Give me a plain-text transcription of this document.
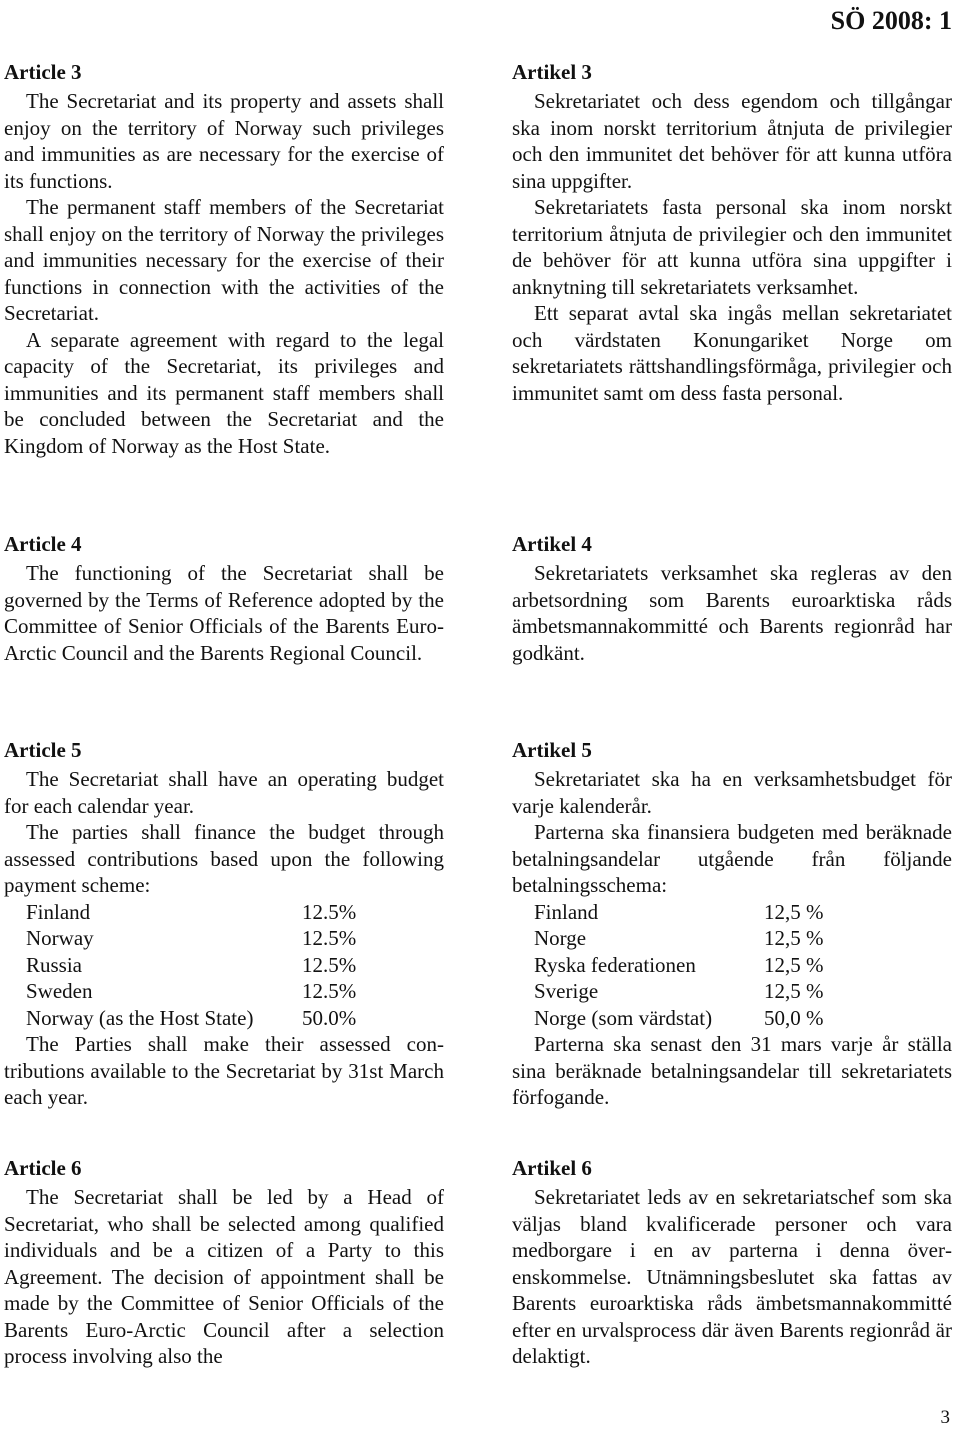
SÖ 2008: 1
Article 3

The Secretariat and its property and assets shall enjoy on the territory of Norway such privileges and immunities as are necessary for the exercise of its functions.

The permanent staff members of the Secretariat shall enjoy on the territory of Norway the privileges and immunities necessary for the exercise of their functions in connection with the activities of the Secretariat.

A separate agreement with regard to the legal capacity of the Secretariat, its privileges and immunities and its permanent staff members shall be concluded between the Secretariat and the Kingdom of Norway as the Host State.

Article 4

The functioning of the Secretariat shall be governed by the Terms of Reference adopted by the Committee of Senior Officials of the Barents Euro-Arctic Council and the Barents Regional Council.

Article 5

The Secretariat shall have an operating budget for each calendar year.

The parties shall finance the budget through assessed contributions based upon the following payment scheme:

Finland	12.5%
Norway	12.5%
Russia	12.5%
Sweden	12.5%
Norway (as the Host State)	50.0%

The Parties shall make their assessed contributions available to the Secretariat by 31st March each year.

Article 6

The Secretariat shall be led by a Head of Secretariat, who shall be selected among qualified individuals and be a citizen of a Party to this Agreement. The decision of appointment shall be made by the Committee of Senior Officials of the Barents Euro-Arctic Council after a selection process involving also the

Artikel 3

Sekretariatet och dess egendom och tillgångar ska inom norskt territorium åtnjuta de privilegier och den immunitet det behöver för att kunna utföra sina uppgifter.

Sekretariatets fasta personal ska inom norskt territorium åtnjuta de privilegier och den immunitet de behöver för att kunna utföra sina uppgifter i anknytning till sekretariatets verksamhet.

Ett separat avtal ska ingås mellan sekretariatet och värdstaten Konungariket Norge om sekretariatets rättshandlingsförmåga, privilegier och immunitet samt om dess fasta personal.

Artikel 4

Sekretariatets verksamhet ska regleras av den arbetsordning som Barents euroarktiska råds ämbetsmannakommitté och Barents regionråd har godkänt.

Artikel 5

Sekretariatet ska ha en verksamhetsbudget för varje kalenderår.

Parterna ska finansiera budgeten med beräknade betalningsandelar utgående från följande betalningsschema:

Finland	12,5 %
Norge	12,5 %
Ryska federationen	12,5 %
Sverige	12,5 %
Norge (som värdstat)	50,0 %

Parterna ska senast den 31 mars varje år ställa sina beräknade betalningsandelar till sekretariatets förfogande.

Artikel 6

Sekretariatet leds av en sekretariatschef som ska väljas bland kvalificerade personer och vara medborgare i en av parterna i denna överenskommelse. Utnämningsbeslutet ska fattas av Barents euroarktiska råds ämbetsmannakommitté efter en urvalsprocess där även Barents regionråd är delaktigt.

3
